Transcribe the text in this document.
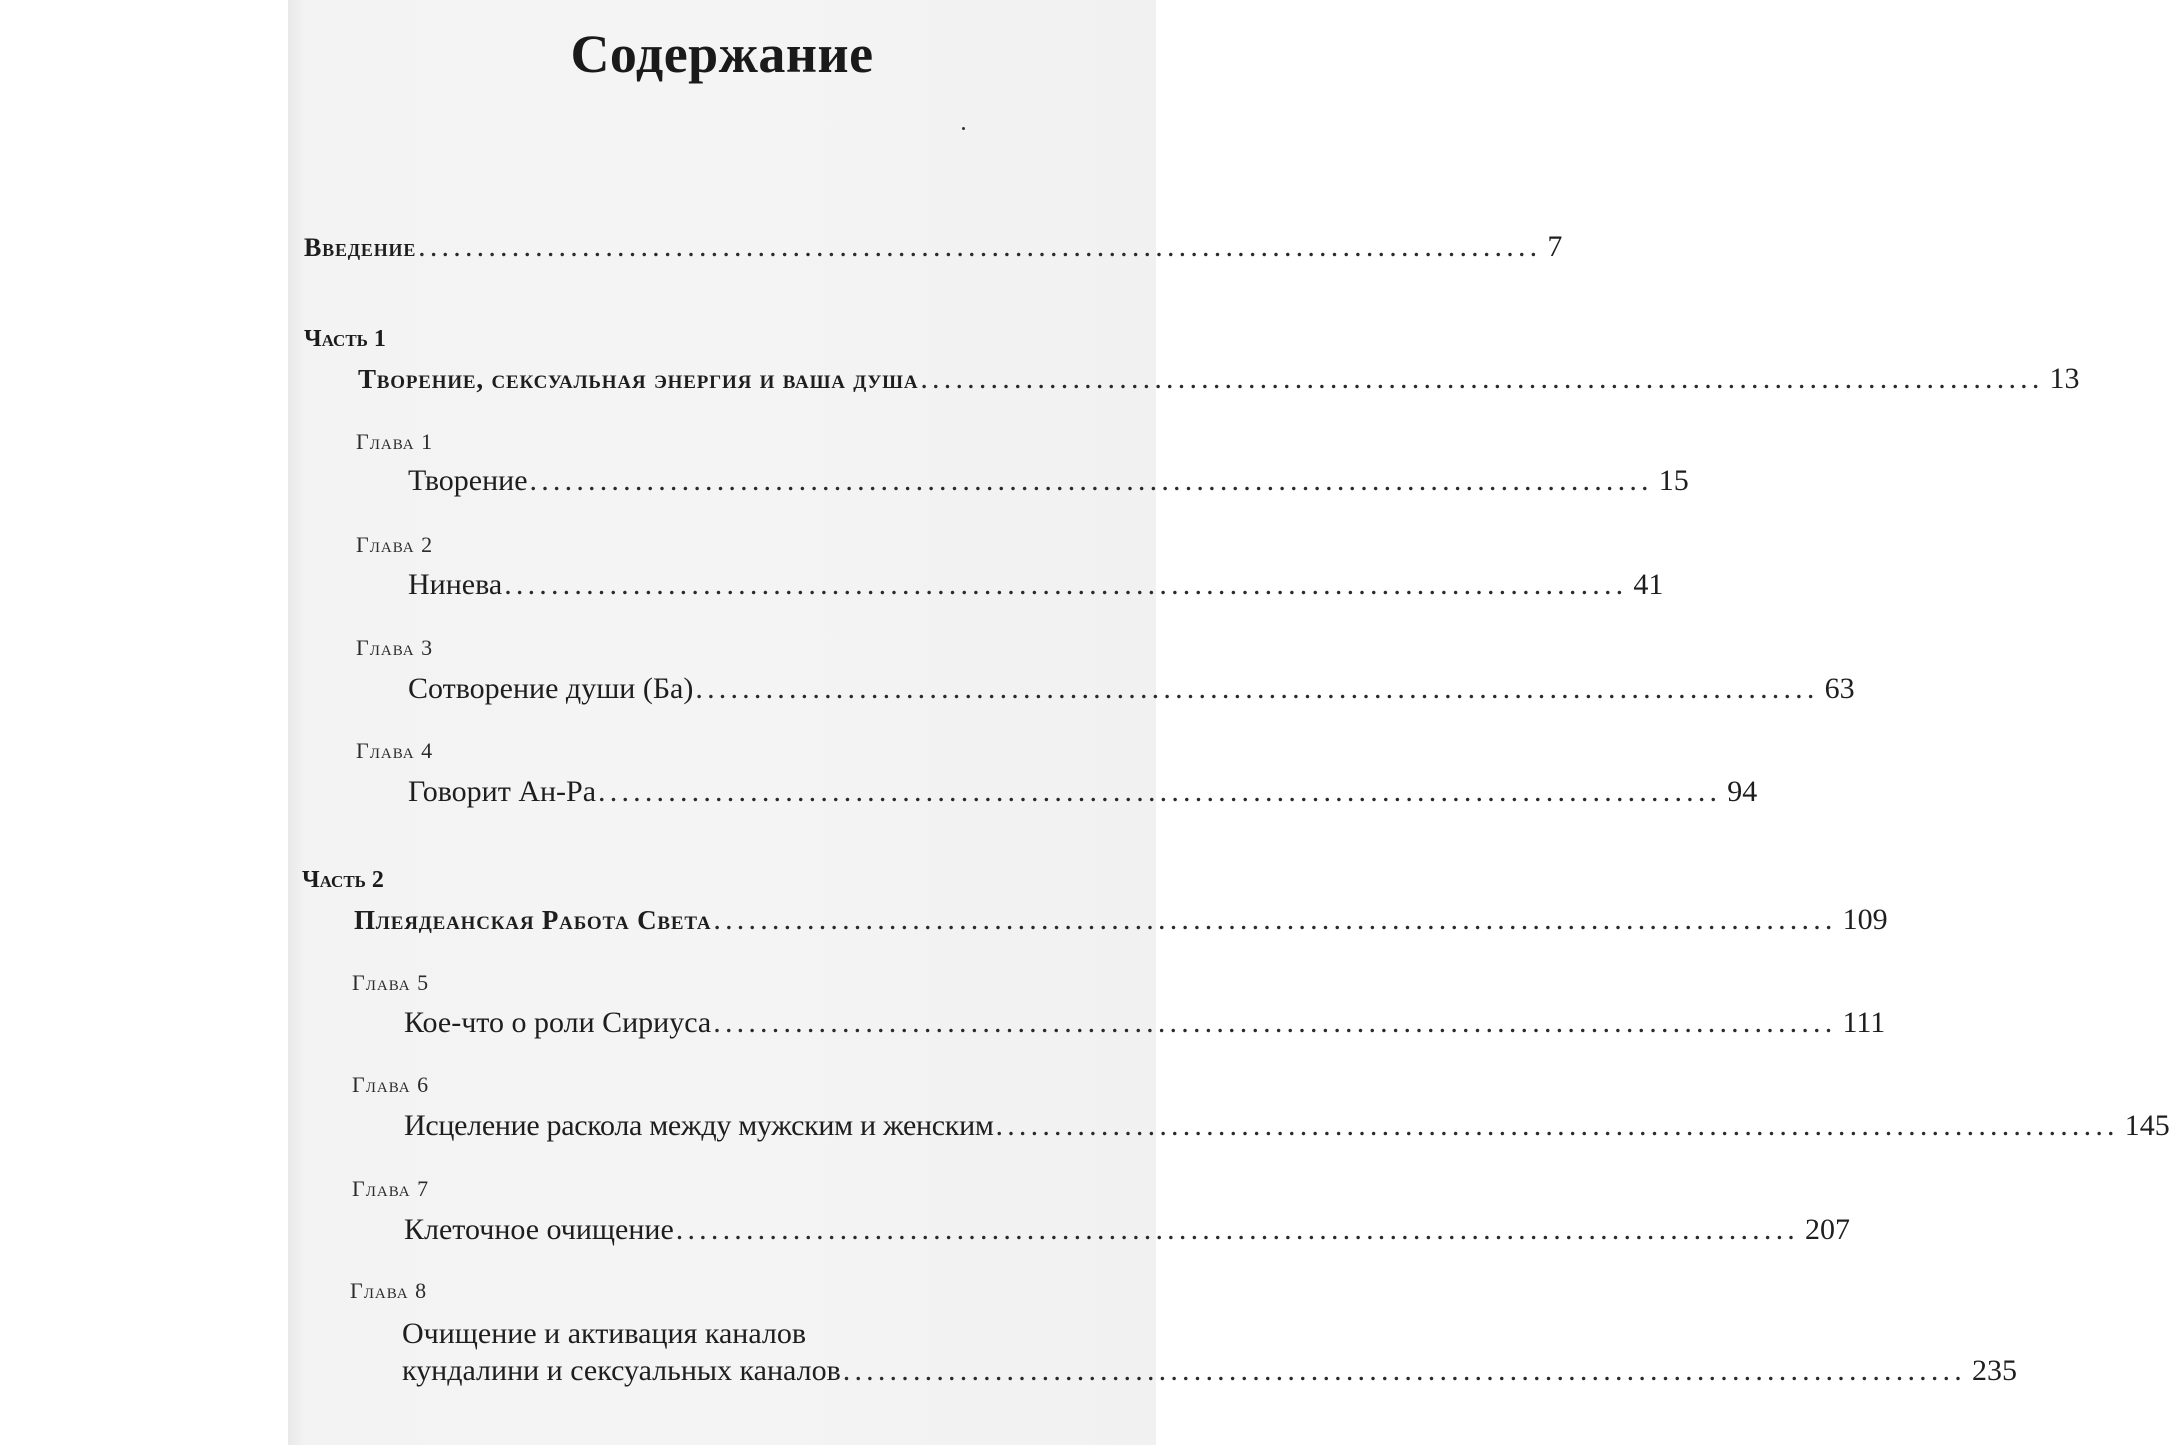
Содержание
Введение ................................................................................................ 7
Часть 1
Творение, сексуальная энергия и ваша душа ................................................................................................ 13
Глава 1
Творение ................................................................................................ 15
Глава 2
Нинева ................................................................................................ 41
Глава 3
Сотворение души (Ба) ................................................................................................ 63
Глава 4
Говорит Ан-Ра ................................................................................................ 94
Часть 2
Плеядеанская Работа Света ................................................................................................ 109
Глава 5
Кое-что о роли Сириуса ................................................................................................ 111
Глава 6
Исцеление раскола между мужским и женским ................................................................................................ 145
Глава 7
Клеточное очищение ................................................................................................ 207
Глава 8
Очищение и активация каналов
кундалини и сексуальных каналов ................................................................................................ 235
